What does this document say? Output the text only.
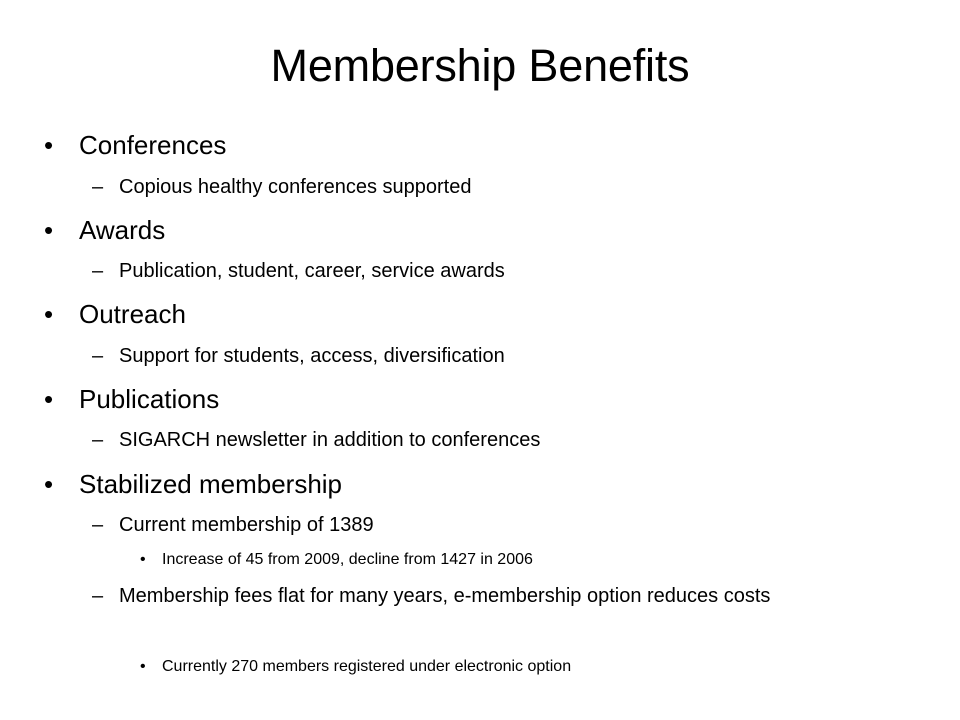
Membership Benefits
• Conferences
– Copious healthy conferences supported
• Awards
– Publication, student, career, service awards
• Outreach
– Support for students, access, diversification
• Publications
– SIGARCH newsletter in addition to conferences
• Stabilized membership
– Current membership of 1389
• Increase of 45 from 2009, decline from 1427 in 2006
– Membership fees flat for many years, e-membership option reduces costs
• Currently 270 members registered under electronic option
